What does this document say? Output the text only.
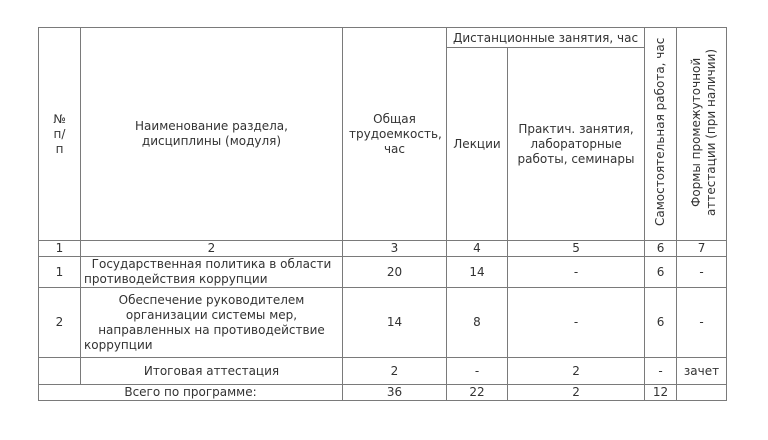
№ п/п	Наименование раздела, дисциплины (модуля)	Общая трудоемкость, час	Дистанционные занятия, час		Самостоятельная работа, час	Формы промежуточной аттестации (при наличии)
			Лекции	Практич. занятия, лабораторные работы, семинары		
1	2	3	4	5	6	7
1	Государственная политика в области противодействия коррупции	20	14	-	6	-
2	Обеспечение руководителем организации системы мер, направленных на противодействие коррупции	14	8	-	6	-
	Итоговая аттестация	2	-	2	-	зачет
Всего по программе:		36	22	2	12	
